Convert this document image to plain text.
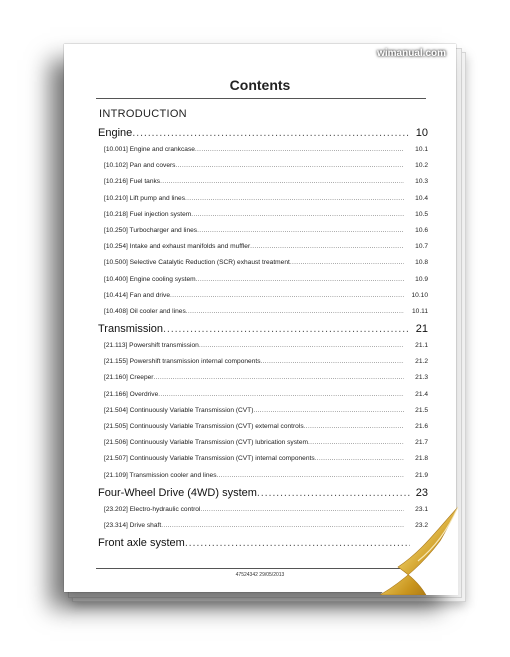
wimanual.com
Contents
INTRODUCTION
Engine .....	10
[10.001] Engine and crankcase .....	10.1
[10.102] Pan and covers .....	10.2
[10.216] Fuel tanks .....	10.3
[10.210] Lift pump and lines .....	10.4
[10.218] Fuel injection system .....	10.5
[10.250] Turbocharger and lines .....	10.6
[10.254] Intake and exhaust manifolds and muffler .....	10.7
[10.500] Selective Catalytic Reduction (SCR) exhaust treatment .....	10.8
[10.400] Engine cooling system .....	10.9
[10.414] Fan and drive .....	10.10
[10.408] Oil cooler and lines .....	10.11
Transmission .....	21
[21.113] Powershift transmission .....	21.1
[21.155] Powershift transmission internal components .....	21.2
[21.160] Creeper .....	21.3
[21.166] Overdrive .....	21.4
[21.504] Continuously Variable Transmission (CVT) .....	21.5
[21.505] Continuously Variable Transmission (CVT) external controls .....	21.6
[21.506] Continuously Variable Transmission (CVT) lubrication system .....	21.7
[21.507] Continuously Variable Transmission (CVT) internal components .....	21.8
[21.109] Transmission cooler and lines .....	21.9
Four-Wheel Drive (4WD) system .....	23
[23.202] Electro-hydraulic control .....	23.1
[23.314] Drive shaft .....	23.2
Front axle system
.....
47524342 29/05/2013
